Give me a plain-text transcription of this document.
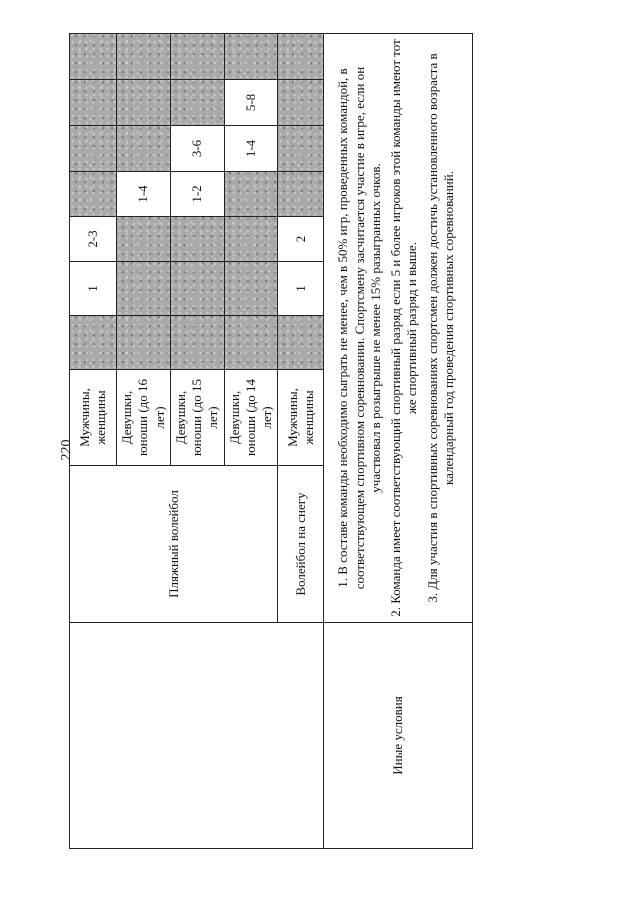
220
	Пляжный волейбол	Мужчины, женщины		1	2-3				
		Девушки, юноши (до 16 лет)				1-4			
		Девушки, юноши (до 15 лет)				1-2	3-6		
		Девушки, юноши (до 14 лет)					1-4	5-8	
	Волейбол на снегу	Мужчины, женщины		1	2				
Иные условия	1. В составе команды необходимо сыграть не менее, чем в 50% игр, проведенных командой, в соответствующем спортивном соревновании. Спортсмену засчитается участие в игре, если он участвовал в розыгрыше не менее 15% разыгранных очков. 2. Команда имеет соответствующий спортивный разряд если 5 и более игроков этой команды имеют тот же спортивный разряд и выше. 3. Для участия в спортивных соревнованиях спортсмен должен достичь установленного возраста в календарный год проведения спортивных соревнований.								
